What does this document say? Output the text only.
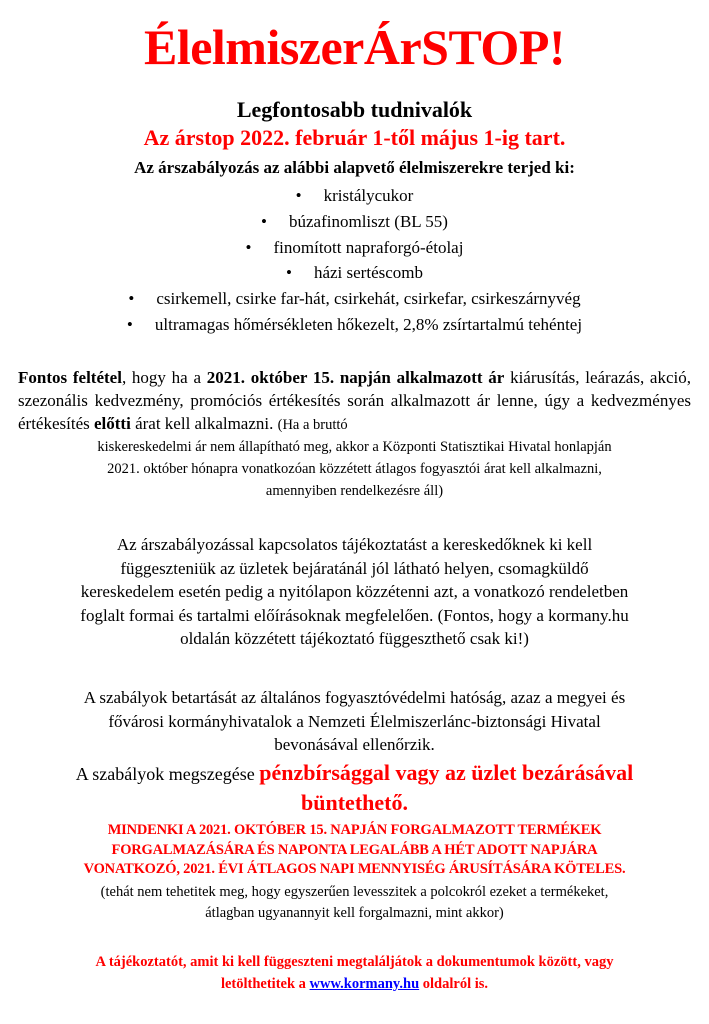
ÉlelmiszerÁrSTOP!
Legfontosabb tudnivalók
Az árstop 2022. február 1-től május 1-ig tart.
Az árszabályozás az alábbi alapvető élelmiszerekre terjed ki:
• kristálycukor
• búzafinomliszt (BL 55)
• finomított napraforgó-étolaj
• házi sertéscomb
• csirkemell, csirke far-hát, csirkehát, csirkefar, csirkeszárnyvég
• ultramagas hőmérsékleten hőkezelt, 2,8% zsírtartalmú tehéntej
Fontos feltétel, hogy ha a 2021. október 15. napján alkalmazott ár kiárusítás, leárazás, akció, szezonális kedvezmény, promóciós értékesítés során alkalmazott ár lenne, úgy a kedvezményes értékesítés előtti árat kell alkalmazni. (Ha a bruttó
kiskereskedelmi ár nem állapítható meg, akkor a Központi Statisztikai Hivatal honlapján
2021. október hónapra vonatkozóan közzétett átlagos fogyasztói árat kell alkalmazni,
amennyiben rendelkezésre áll)
Az árszabályozással kapcsolatos tájékoztatást a kereskedőknek ki kell
függeszteniük az üzletek bejáratánál jól látható helyen, csomagküldő
kereskedelem esetén pedig a nyitólapon közzétenni azt, a vonatkozó rendeletben
foglalt formai és tartalmi előírásoknak megfelelően. (Fontos, hogy a kormany.hu
oldalán közzétett tájékoztató függeszthető csak ki!)
A szabályok betartását az általános fogyasztóvédelmi hatóság, azaz a megyei és
fővárosi kormányhivatalok a Nemzeti Élelmiszerlánc-biztonsági Hivatal
bevonásával ellenőrzik.
A szabályok megszegése pénzbírsággal vagy az üzlet bezárásával
büntethető.
MINDENKI A 2021. OKTÓBER 15. NAPJÁN FORGALMAZOTT TERMÉKEK
FORGALMAZÁSÁRA ÉS NAPONTA LEGALÁBB A HÉT ADOTT NAPJÁRA
VONATKOZÓ, 2021. ÉVI ÁTLAGOS NAPI MENNYISÉG ÁRUSÍTÁSÁRA KÖTELES.
(tehát nem tehetitek meg, hogy egyszerűen levesszitek a polcokról ezeket a termékeket,
átlagban ugyanannyit kell forgalmazni, mint akkor)
A tájékoztatót, amit ki kell függeszteni megtaláljátok a dokumentumok között, vagy
letölthetitek a www.kormany.hu oldalról is.
